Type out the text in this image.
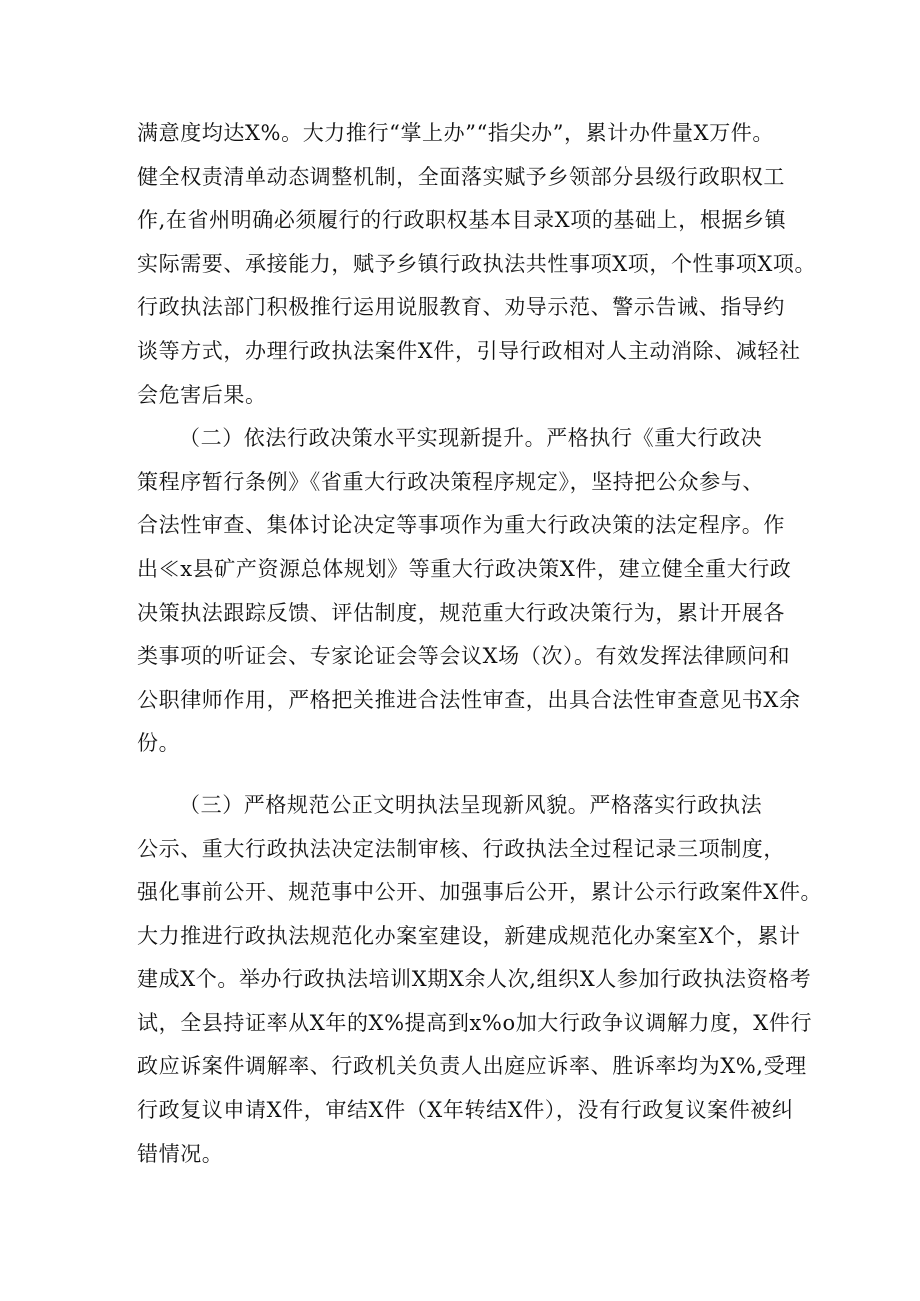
满意度均达X%。大力推行“掌上办”“指尖办”，累计办件量X万件。
健全权责清单动态调整机制，全面落实赋予乡领部分县级行政职权工
作,在省州明确必须履行的行政职权基本目录X项的基础上，根据乡镇
实际需要、承接能力，赋予乡镇行政执法共性事项X项，个性事项X项。
行政执法部门积极推行运用说服教育、劝导示范、警示告诫、指导约
谈等方式，办理行政执法案件X件，引导行政相对人主动消除、减轻社
会危害后果。
（二）依法行政决策水平实现新提升。严格执行《重大行政决
策程序暂行条例》《省重大行政决策程序规定》，坚持把公众参与、
合法性审查、集体讨论决定等事项作为重大行政决策的法定程序。作
出≪x县矿产资源总体规划》等重大行政决策X件，建立健全重大行政
决策执法跟踪反馈、评估制度，规范重大行政决策行为，累计开展各
类事项的听证会、专家论证会等会议X场（次）。有效发挥法律顾问和
公职律师作用，严格把关推进合法性审查，出具合法性审查意见书X余
份。
（三）严格规范公正文明执法呈现新风貌。严格落实行政执法
公示、重大行政执法决定法制审核、行政执法全过程记录三项制度，
强化事前公开、规范事中公开、加强事后公开，累计公示行政案件X件。
大力推进行政执法规范化办案室建设，新建成规范化办案室X个，累计
建成X个。举办行政执法培训X期X余人次,组织X人参加行政执法资格考
试，全县持证率从X年的X%提高到x%o加大行政争议调解力度，X件行
政应诉案件调解率、行政机关负责人出庭应诉率、胜诉率均为X%,受理
行政复议申请X件，审结X件（X年转结X件），没有行政复议案件被纠
错情况。
